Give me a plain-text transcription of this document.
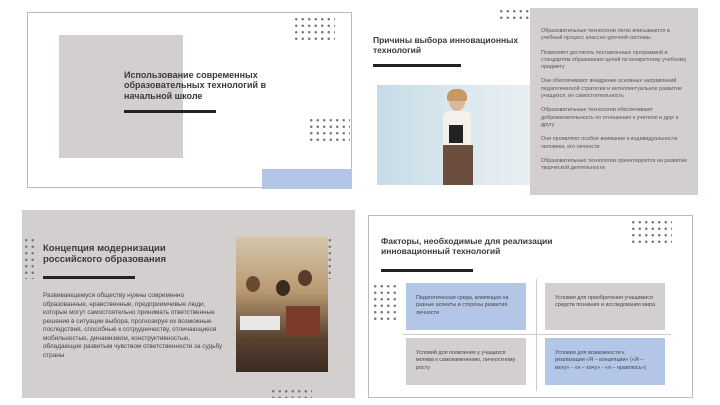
Использование современных образовательных технологий в начальной школе
Причины выбора инновационных технологий
Образовательные технологии легко вписываются в учебный процесс классно-урочной системы
Позволяют достигать поставленных программой и стандартом образования целей по конкретному учебному предмету
Они обеспечивают внедрение основных направлений педагогической стратегии и интеллектуальное развитие учащихся, их самостоятельность
Образовательные технологии обеспечивают доброжелательность по отношению к учителю и друг к другу
Они проявляют особое внимание к индивидуальности человека, его личности
Образовательные технологии ориентируются на развитие творческой деятельности
Концепция модернизации российского образования
Развивающемуся обществу нужны современно образованные, нравственные, предприимчивые люди, которые могут самостоятельно принимать ответственные решения в ситуации выбора, прогнозируя их возможные последствия, способные к сотрудничеству, отличающиеся мобильностью, динамизмом, конструктивностью, обладающие развитым чувством ответственности за судьбу страны
Факторы, необходимые для реализации инновационный технологий
Педагогическая среда, влияющая на разные аспекты и стороны развития личности
Условия для приобретения учащимися средств познания и исследования мира
Условий для появления у учащихся мотива к самоизменению, личностному росту
Условия для возможности к реализации «Я – концепции» («Я – могу» - «я – хочу» - «я – нравлюсь»)
